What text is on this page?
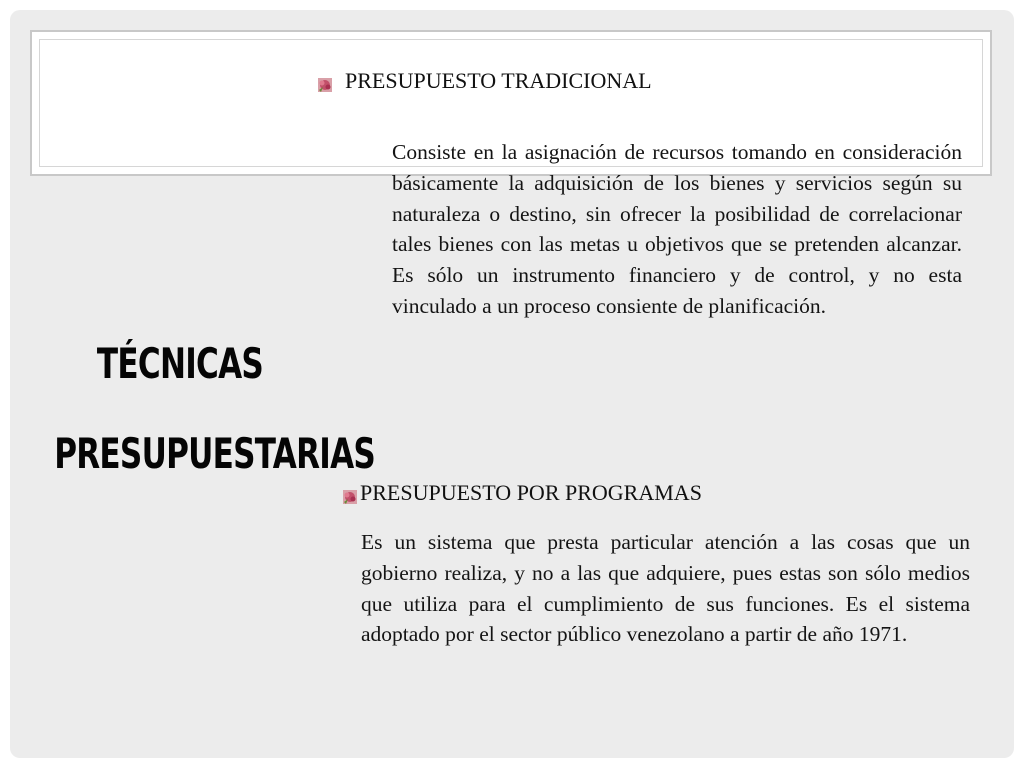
PRESUPUESTO TRADICIONAL
Consiste en la asignación de recursos tomando en consideración básicamente la adquisición de los bienes y servicios según su naturaleza o destino, sin ofrecer la posibilidad de correlacionar tales bienes con las metas u objetivos que se pretenden alcanzar. Es sólo un instrumento financiero y de control, y no esta vinculado a un proceso consiente de planificación.
TÉCNICAS
PRESUPUESTARIAS
PRESUPUESTO POR PROGRAMAS
Es un sistema que presta particular atención a las cosas que un gobierno realiza, y no a las que adquiere, pues estas son sólo medios que utiliza para el cumplimiento de sus funciones. Es el sistema adoptado por el sector público venezolano a partir de año 1971.
